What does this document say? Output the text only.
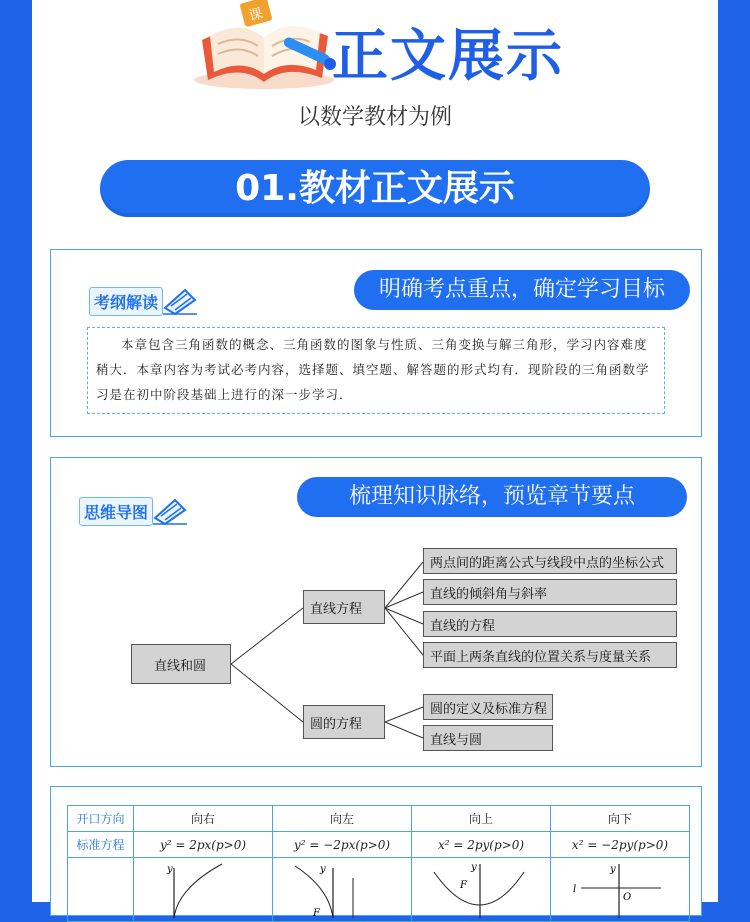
课
正文展示
以数学教材为例
01.教材正文展示
考纲解读	明确考点重点，确定学习目标
本章包含三角函数的概念、三角函数的图象与性质、三角变换与解三角形，学习内容难度稍大．本章内容为考试必考内容，选择题、填空题、解答题的形式均有．现阶段的三角函数学习是在初中阶段基础上进行的深一步学习．
思维导图
梳理知识脉络，预览章节要点
直线和圆
直线方程
圆的方程
两点间的距离公式与线段中点的坐标公式
直线的倾斜角与斜率
直线的方程
平面上两条直线的位置关系与度量关系
圆的定义及标准方程
直线与圆
开口方向	向右	向左	向上	向下
标准方程	y² = 2px(p>0)	y² = −2px(p>0)	x² = 2py(p>0)	x² = −2py(p>0)

y	y
F	y
F	y
l
O
